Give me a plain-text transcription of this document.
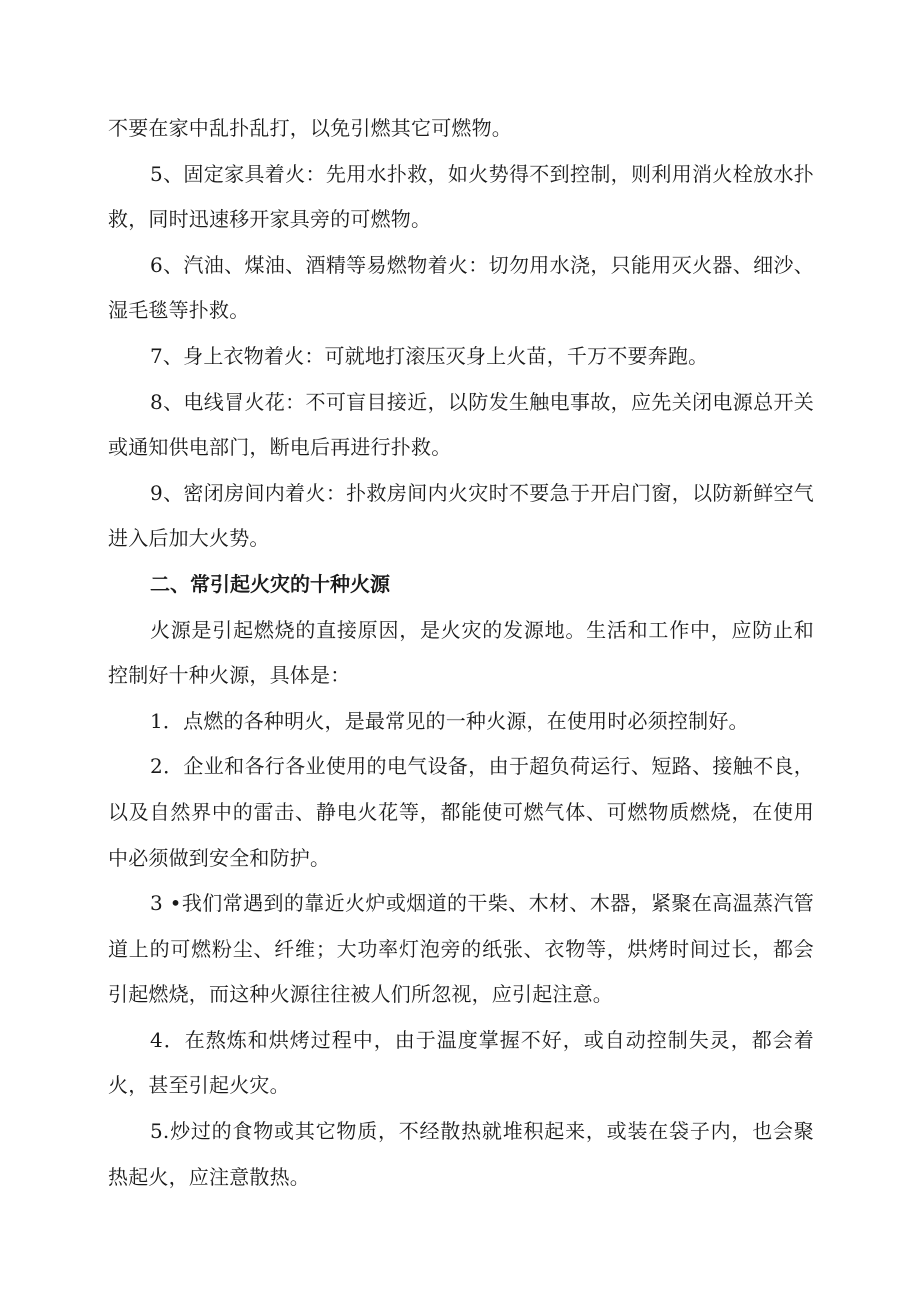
不要在家中乱扑乱打，以免引燃其它可燃物。

5、固定家具着火：先用水扑救，如火势得不到控制，则利用消火栓放水扑救，同时迅速移开家具旁的可燃物。

6、汽油、煤油、酒精等易燃物着火：切勿用水浇，只能用灭火器、细沙、湿毛毯等扑救。

7、身上衣物着火：可就地打滚压灭身上火苗，千万不要奔跑。

8、电线冒火花：不可盲目接近，以防发生触电事故，应先关闭电源总开关或通知供电部门，断电后再进行扑救。

9、密闭房间内着火：扑救房间内火灾时不要急于开启门窗，以防新鲜空气进入后加大火势。

二、常引起火灾的十种火源

火源是引起燃烧的直接原因，是火灾的发源地。生活和工作中，应防止和控制好十种火源，具体是：

1．点燃的各种明火，是最常见的一种火源，在使用时必须控制好。

2．企业和各行各业使用的电气设备，由于超负荷运行、短路、接触不良，以及自然界中的雷击、静电火花等，都能使可燃气体、可燃物质燃烧，在使用中必须做到安全和防护。

3 •我们常遇到的靠近火炉或烟道的干柴、木材、木器，紧聚在高温蒸汽管道上的可燃粉尘、纤维；大功率灯泡旁的纸张、衣物等，烘烤时间过长，都会引起燃烧，而这种火源往往被人们所忽视，应引起注意。

4．在熬炼和烘烤过程中，由于温度掌握不好，或自动控制失灵，都会着火，甚至引起火灾。

5.炒过的食物或其它物质，不经散热就堆积起来，或装在袋子内，也会聚热起火，应注意散热。
